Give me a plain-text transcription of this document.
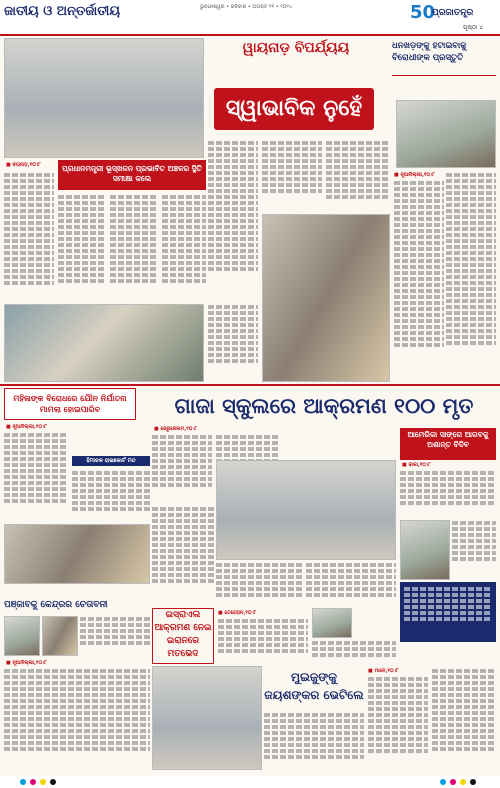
ଜାତୀୟ ଓ ଅନ୍ତର୍ଜାତୀୟ	ଭୁବନେଶ୍ୱର • ରବିବାର • ଅଗଷ୍ଟ ୧୧ • ୨୦୨୪	50
ପ୍ରଜାତନ୍ତ୍ର
ପୃଷ୍ଠା ୪
ୱାୟନାଡ଼ ବିପର୍ଯ୍ୟୟ
ସ୍ୱାଭାବିକ ନୁହେଁ
ପ୍ରଧାନମନ୍ତ୍ରୀ ଭୂସ୍ଖଳନ ପ୍ରଭାବିତ ଅଞ୍ଚଳର ସ୍ଥିତି ସମୀକ୍ଷା କଲେ
■ ଵୟନାଡ଼,୧୦।୮
ଧନଖଡ଼ଙ୍କୁ ହଟାଇବାକୁ ବିରୋଧୀଙ୍କ ପ୍ରସ୍ତୁତି
■ ନୂଆଦିଲ୍ଲୀ,୧୦।୮
ମହିଳାଙ୍କ ବିରୋଧରେ ଯୌନ ନିର୍ଯାତନା ମାମଲା ହୋଇପାରିବ
■ ନୂଆଦିଲ୍ଲୀ,୧୦।୮
ହିମାଚଳ ହାଇକୋର୍ଟ ମତ
ଗାଜା ସ୍କୁଲରେ ଆକ୍ରମଣ ୧୦୦ ମୃତ
■ ଜେରୁଜେଲମ,୧୦।୮
ଆମେରିକା ସାଙ୍ଗେ ଆରବକୁ ଅଶାନ୍ତ ବିଦିବ
■ ଢାକା,୧୦।୮
ଇସ୍ରାଏଲ ଆକ୍ରମଣ ନେଇ ଇରାନରେ ମତଭେଦ
■ ତେହେରାନ,୧୦।୮
ପଞ୍ଜାବକୁ କେନ୍ଦ୍ରର ଚେତାବନୀ
■ ନୂଆଦିଲ୍ଲୀ,୧୦।୮
ମୁଇଜୁଙ୍କୁ ଜୟଶଙ୍କର ଭେଟିଲେ
■ ମାଳେ,୧୦।୮
